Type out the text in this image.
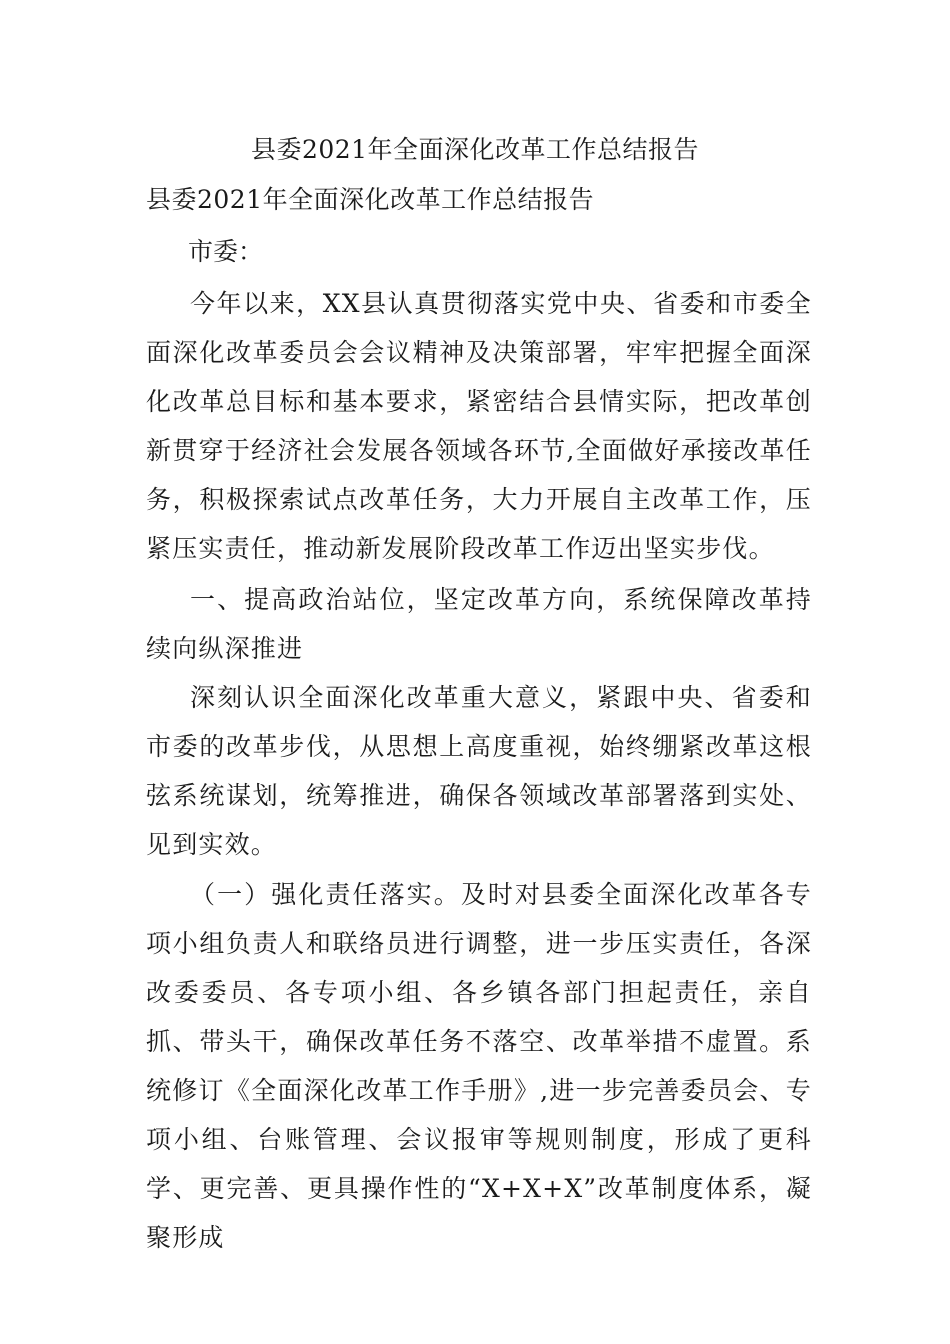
县委2021年全面深化改革工作总结报告
县委2021年全面深化改革工作总结报告
市委：

今年以来，XX县认真贯彻落实党中央、省委和市委全面深化改革委员会会议精神及决策部署，牢牢把握全面深化改革总目标和基本要求，紧密结合县情实际，把改革创新贯穿于经济社会发展各领域各环节,全面做好承接改革任务，积极探索试点改革任务，大力开展自主改革工作，压紧压实责任，推动新发展阶段改革工作迈出坚实步伐。

一、提高政治站位，坚定改革方向，系统保障改革持续向纵深推进

深刻认识全面深化改革重大意义，紧跟中央、省委和市委的改革步伐，从思想上高度重视，始终绷紧改革这根弦系统谋划，统筹推进，确保各领域改革部署落到实处、见到实效。

（一）强化责任落实。及时对县委全面深化改革各专项小组负责人和联络员进行调整，进一步压实责任，各深改委委员、各专项小组、各乡镇各部门担起责任，亲自抓、带头干，确保改革任务不落空、改革举措不虚置。系统修订《全面深化改革工作手册》,进一步完善委员会、专项小组、台账管理、会议报审等规则制度，形成了更科学、更完善、更具操作性的“X+X+X”改革制度体系，凝聚形成
